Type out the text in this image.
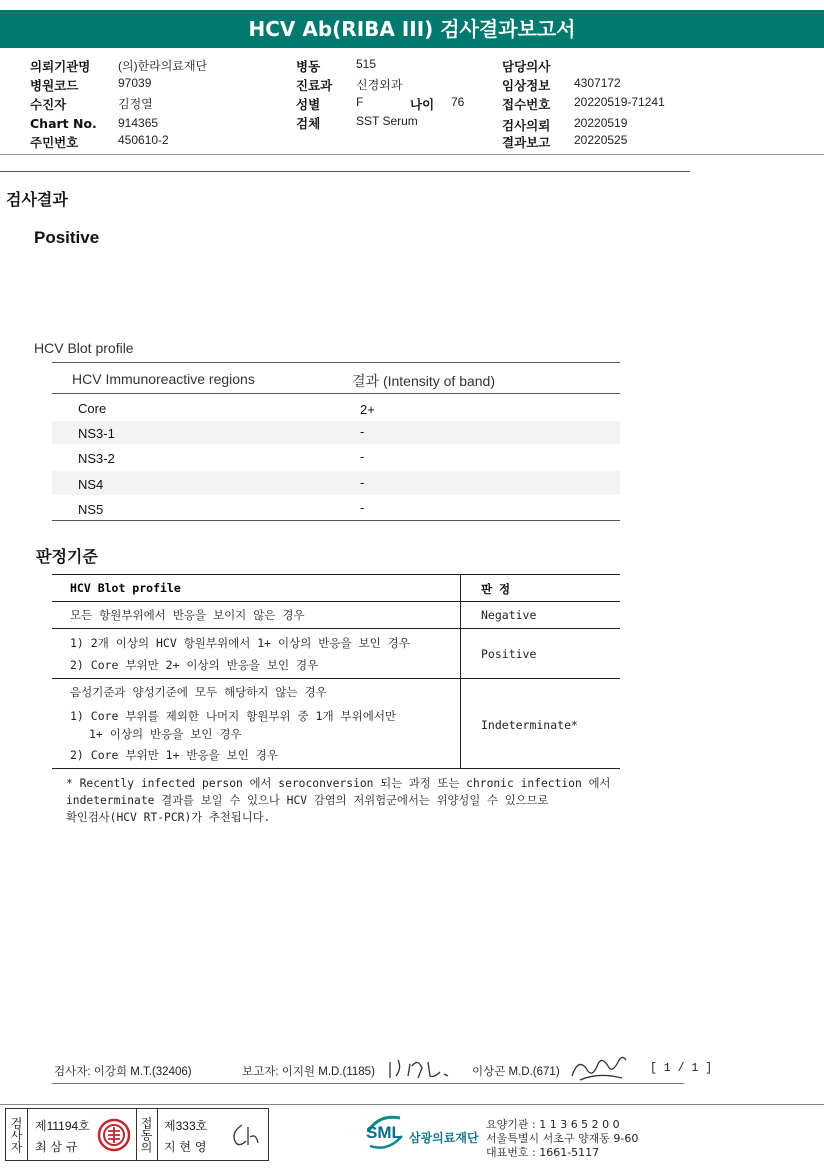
HCV Ab(RIBA III) 검사결과보고서
의뢰기관명 (의)한라의료재단
병원코드	97039
수진자	김정열
Chart No. 914365
주민번호	450610-2
병동	515
진료과 신경외과
성별	F	나이 76
검체	SST Serum
담당의사
임상정보 4307172
접수번호 20220519-71241
검사의뢰 20220519
결과보고 20220525
검사결과
Positive
HCV Blot profile
HCV Immunoreactive regions	결과 (Intensity of band)
Core	2+
NS3-1	-
NS3-2	-
NS4	-
NS5	-
판정기준
HCV Blot profile	판 정
모든 항원부위에서 반응을 보이지 않은 경우	Negative
1) 2개 이상의 HCV 항원부위에서 1+ 이상의 반응을 보인 경우
2) Core 부위만 2+ 이상의 반응을 보인 경우
Positive
음성기준과 양성기준에 모두 해당하지 않는 경우
1) Core 부위를 제외한 나머지 항원부위 중 1개 부위에서만
1+ 이상의 반응을 보인 경우
2) Core 부위만 1+ 반응을 보인 경우
Indeterminate*
* Recently infected person 에서 seroconversion 되는 과정 또는 chronic infection 에서
indeterminate 결과를 보일 수 있으나 HCV 감염의 저위험군에서는 위양성일 수 있으므로
확인검사(HCV RT-PCR)가 추천됩니다.
검사자: 이강희 M.T.(32406)	보고자: 이지원 M.D.(1185)	이상곤 M.D.(671)	[ 1 / 1 ]
검사자	제11194호
최 삼 규	접동의 제333호
지 현 영
SML 삼광의료재단
요양기관 : 1 1 3 6 5 2 0 0
서울특별시 서초구 양재동 9-60
대표번호 : 1661-5117
